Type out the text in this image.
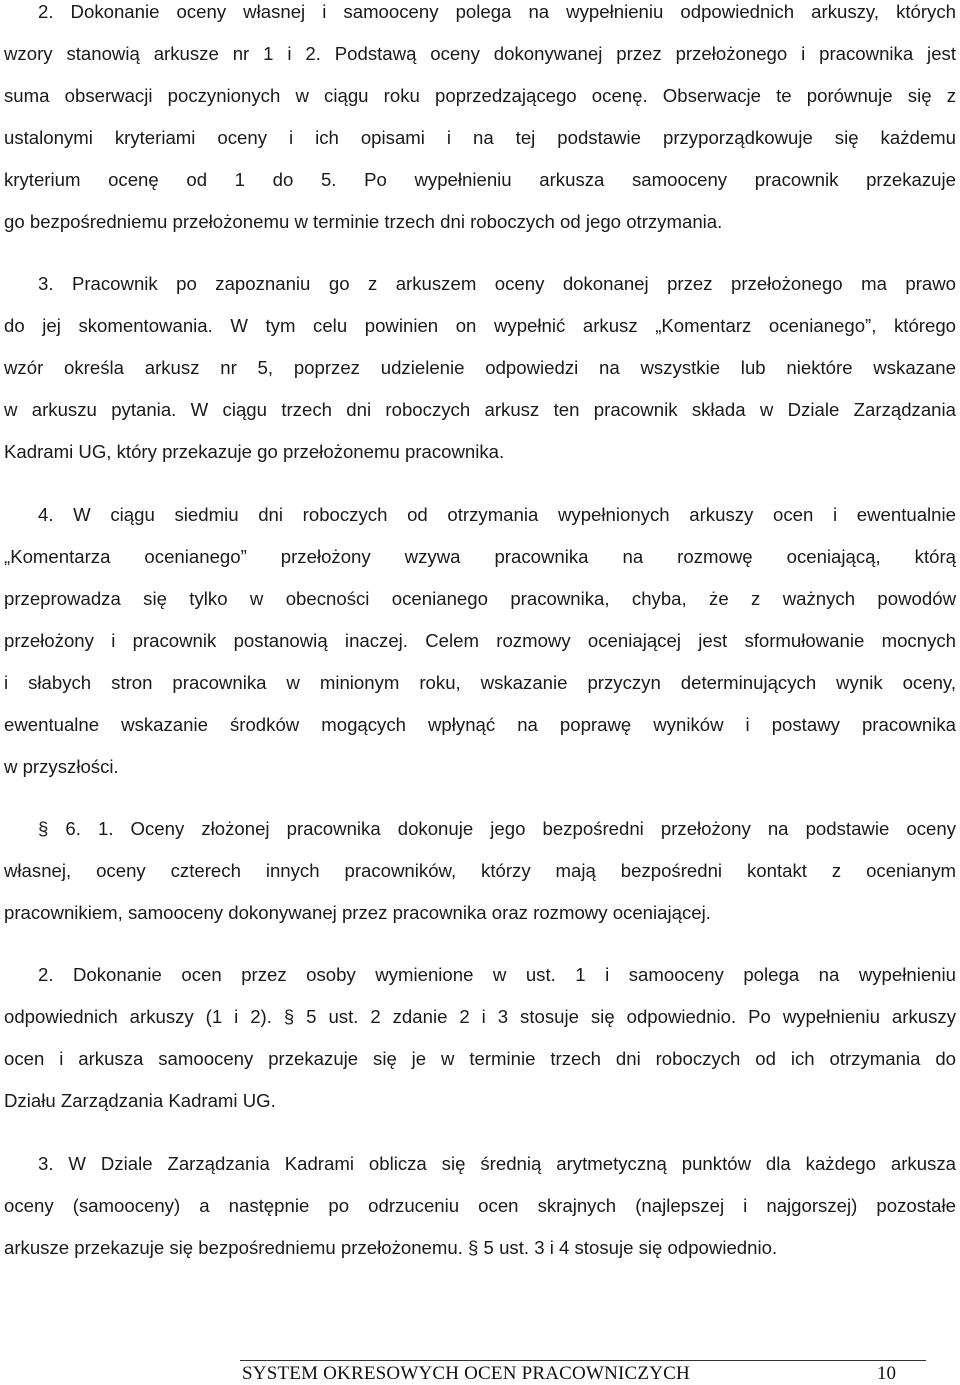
2. Dokonanie oceny własnej i samooceny polega na wypełnieniu odpowiednich arkuszy, których
wzory stanowią arkusze nr 1 i 2. Podstawą oceny dokonywanej przez przełożonego i pracownika jest
suma obserwacji poczynionych w ciągu roku poprzedzającego ocenę. Obserwacje te porównuje się z
ustalonymi kryteriami oceny i ich opisami i na tej podstawie przyporządkowuje się każdemu
kryterium ocenę od 1 do 5. Po wypełnieniu arkusza samooceny pracownik przekazuje
go bezpośredniemu przełożonemu w terminie trzech dni roboczych od jego otrzymania.
3. Pracownik po zapoznaniu go z arkuszem oceny dokonanej przez przełożonego ma prawo
do jej skomentowania. W tym celu powinien on wypełnić arkusz „Komentarz ocenianego”, którego
wzór określa arkusz nr 5, poprzez udzielenie odpowiedzi na wszystkie lub niektóre wskazane
w arkuszu pytania. W ciągu trzech dni roboczych arkusz ten pracownik składa w Dziale Zarządzania
Kadrami UG, który przekazuje go przełożonemu pracownika.
4. W ciągu siedmiu dni roboczych od otrzymania wypełnionych arkuszy ocen i ewentualnie
„Komentarza ocenianego” przełożony wzywa pracownika na rozmowę oceniającą, którą
przeprowadza się tylko w obecności ocenianego pracownika, chyba, że z ważnych powodów
przełożony i pracownik postanowią inaczej. Celem rozmowy oceniającej jest sformułowanie mocnych
i słabych stron pracownika w minionym roku, wskazanie przyczyn determinujących wynik oceny,
ewentualne wskazanie środków mogących wpłynąć na poprawę wyników i postawy pracownika
w przyszłości.
§ 6. 1. Oceny złożonej pracownika dokonuje jego bezpośredni przełożony na podstawie oceny
własnej, oceny czterech innych pracowników, którzy mają bezpośredni kontakt z ocenianym
pracownikiem, samooceny dokonywanej przez pracownika oraz rozmowy oceniającej.
2. Dokonanie ocen przez osoby wymienione w ust. 1 i samooceny polega na wypełnieniu
odpowiednich arkuszy (1 i 2). § 5 ust. 2 zdanie 2 i 3 stosuje się odpowiednio. Po wypełnieniu arkuszy
ocen i arkusza samooceny przekazuje się je w terminie trzech dni roboczych od ich otrzymania do
Działu Zarządzania Kadrami UG.
3. W Dziale Zarządzania Kadrami oblicza się średnią arytmetyczną punktów dla każdego arkusza
oceny (samooceny) a następnie po odrzuceniu ocen skrajnych (najlepszej i najgorszej) pozostałe
arkusze przekazuje się bezpośredniemu przełożonemu. § 5 ust. 3 i 4 stosuje się odpowiednio.
SYSTEM OKRESOWYCH OCEN PRACOWNICZYCH	10
